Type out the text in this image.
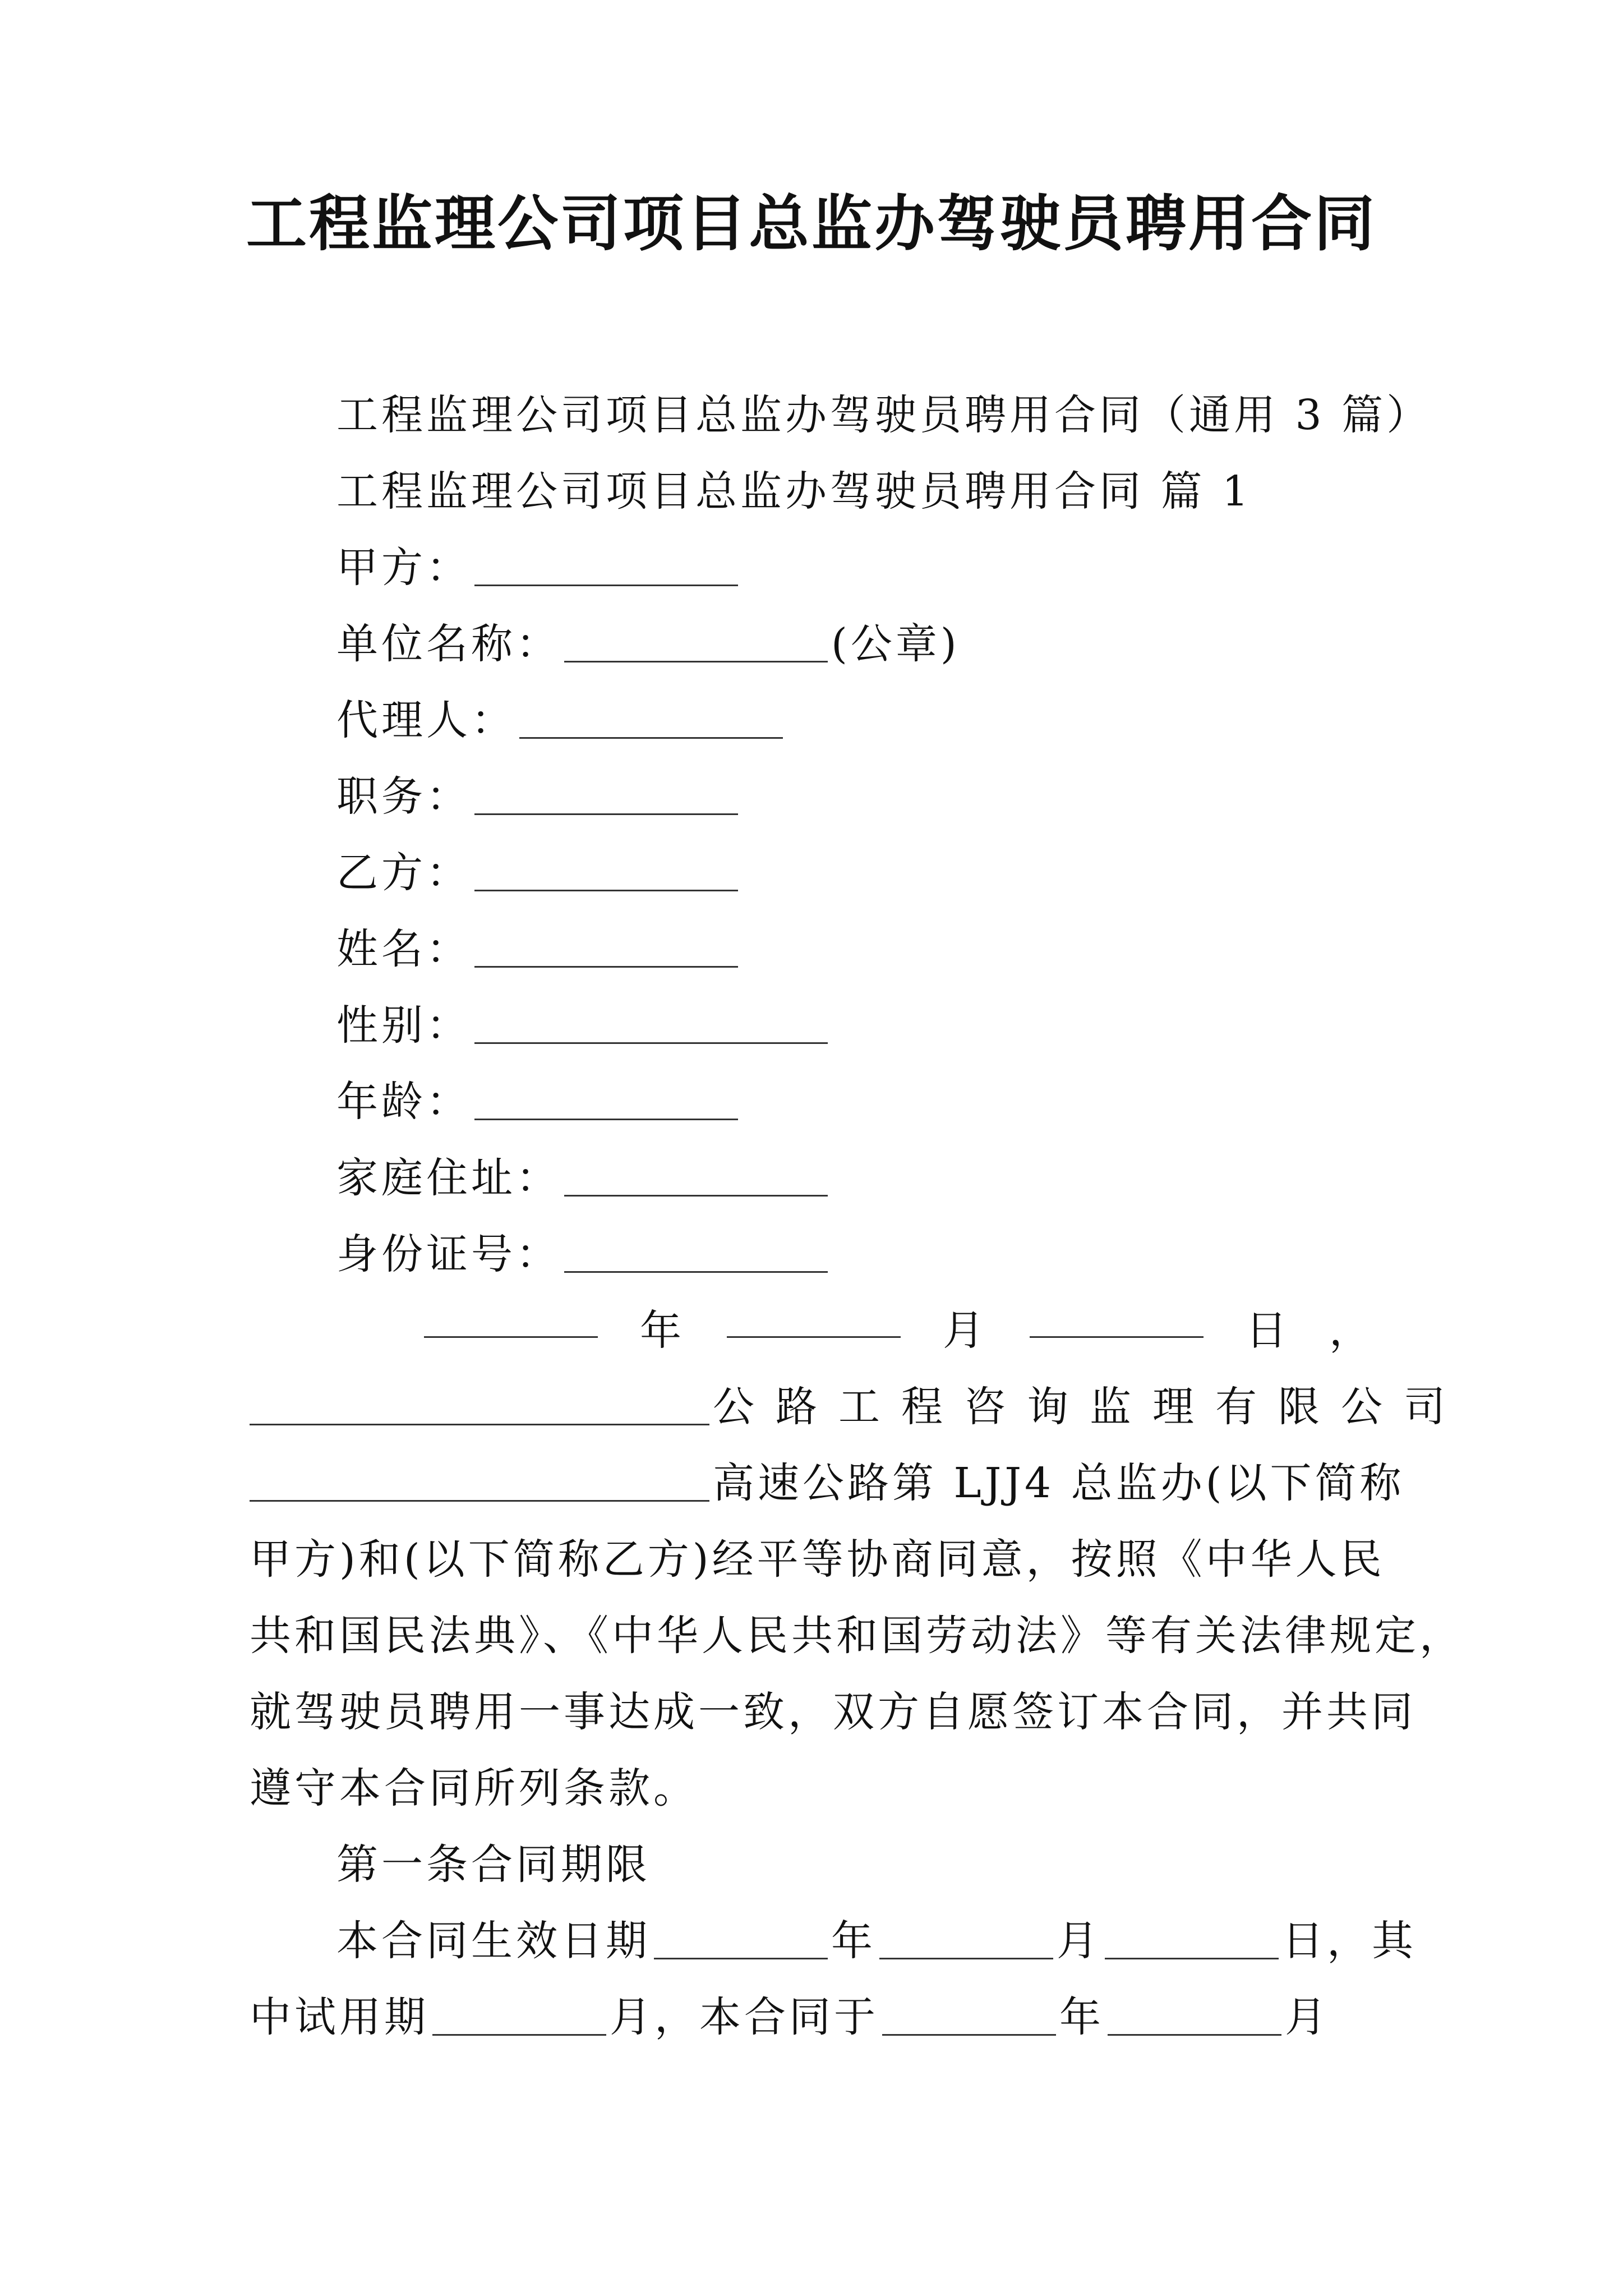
工程监理公司项目总监办驾驶员聘用合同
工程监理公司项目总监办驾驶员聘用合同（通用 3 篇）
工程监理公司项目总监办驾驶员聘用合同 篇 1
甲方：
单位名称：	(公章)
代理人：
职务：
乙方：
姓名：
性别：
年龄：
家庭住址：
身份证号：
年	月	日 ，
公路工程咨询监理有限公司
高速公路第 LJJ4 总监办(以下简称
甲方)和(以下简称乙方)经平等协商同意，按照《中华人民
共和国民法典》、《中华人民共和国劳动法》等有关法律规定，
就驾驶员聘用一事达成一致，双方自愿签订本合同，并共同
遵守本合同所列条款。
第一条合同期限
本合同生效日期	年	月	日，其
中试用期	月，本合同于	年	月
